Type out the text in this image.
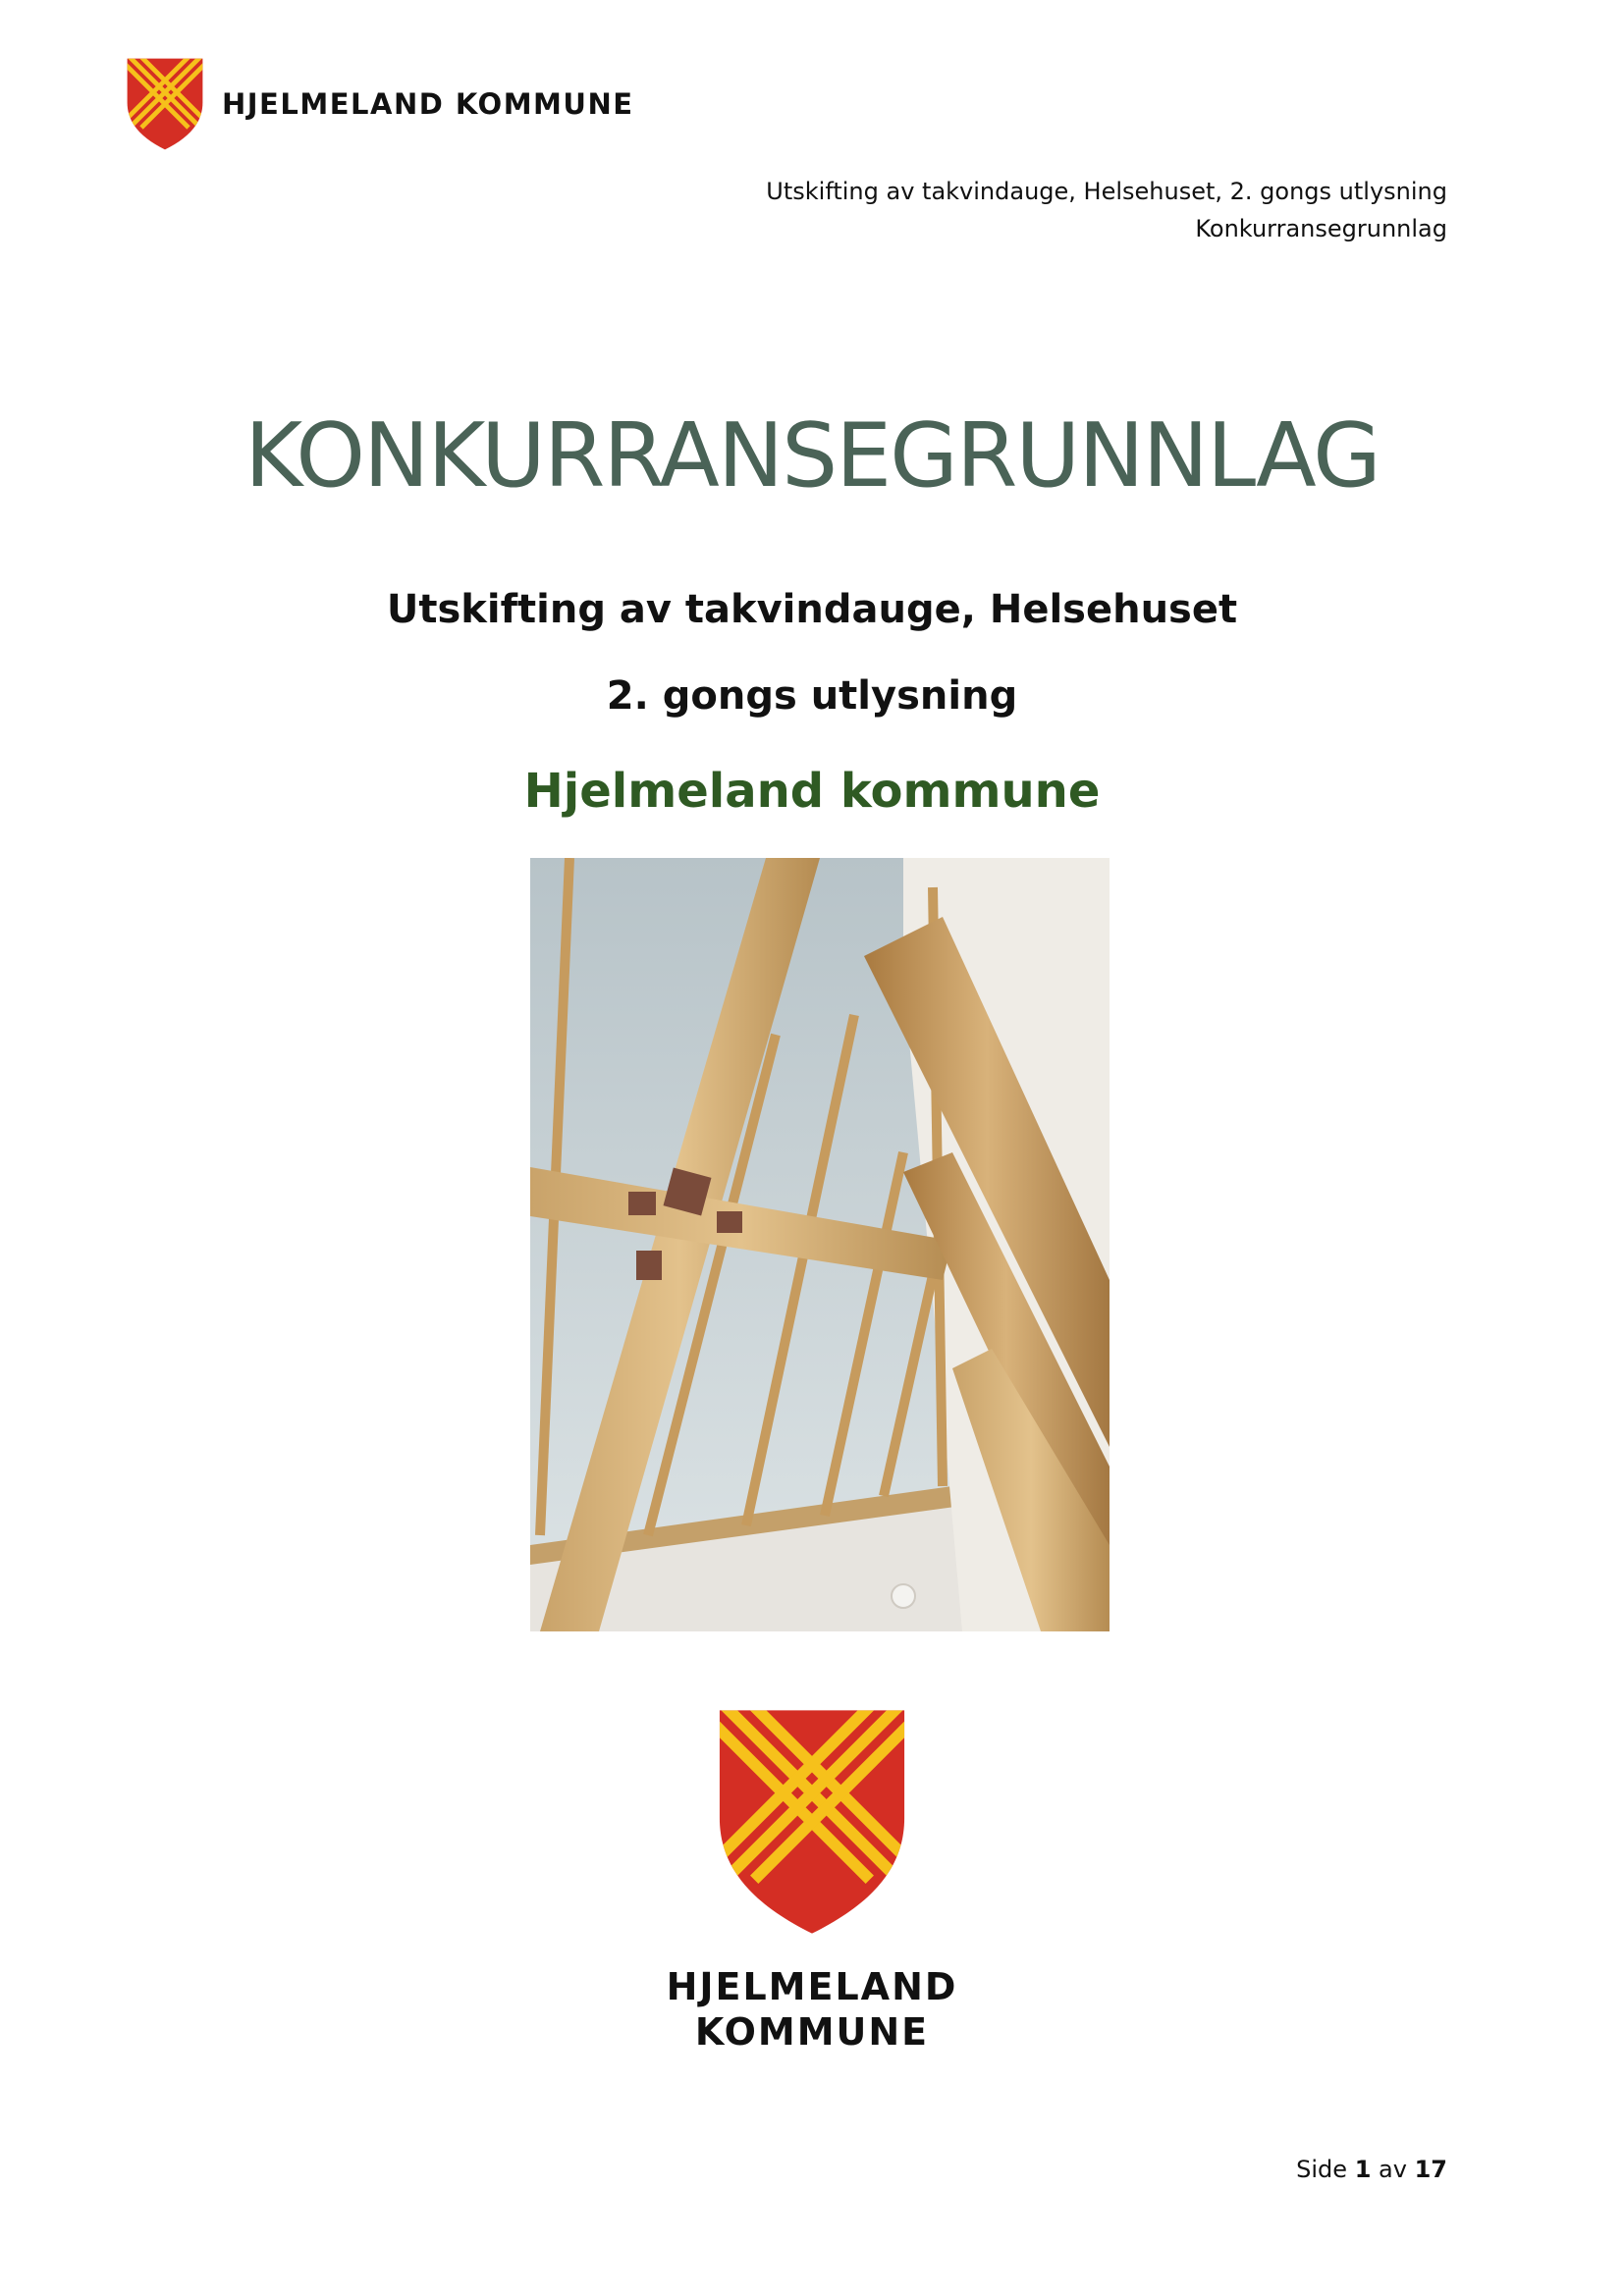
HJELMELAND KOMMUNE
Utskifting av takvindauge, Helsehuset, 2. gongs utlysning
Konkurransegrunnlag
KONKURRANSEGRUNNLAG
Utskifting av takvindauge, Helsehuset
2. gongs utlysning
Hjelmeland kommune
HJELMELAND
KOMMUNE
Side 1 av 17
